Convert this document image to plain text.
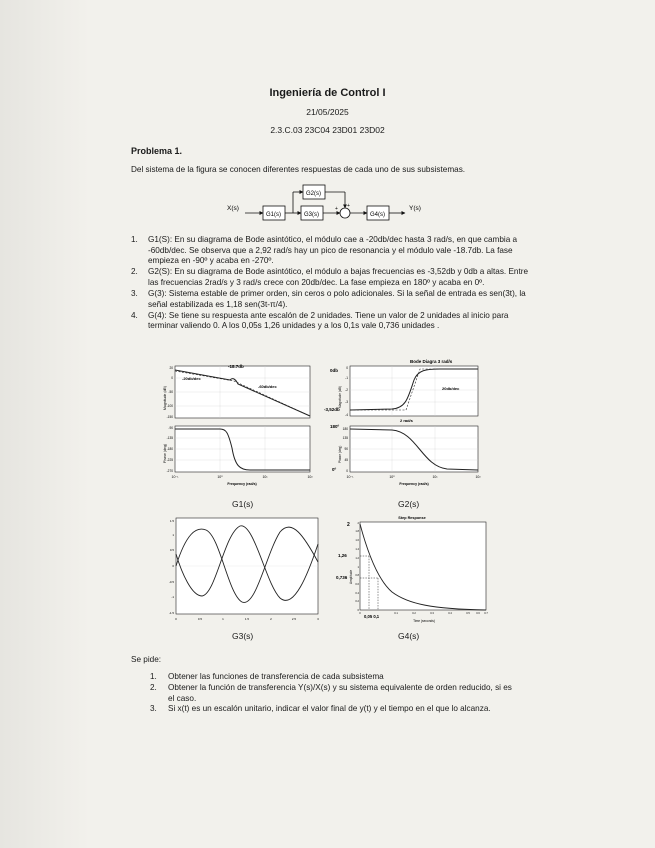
Ingeniería de Control I
21/05/2025
2.3.C.03 23C04 23D01 23D02
Problema 1.
Del sistema de la figura se conocen diferentes respuestas de cada uno de sus subsistemas.
X(s)	Y(s)
G1(s)	G3(s)
G2(s)
G4(s)
+
+
1. G1(S): En su diagrama de Bode asintótico, el módulo cae a -20db/dec hasta 3 rad/s, en que cambia a -60db/dec. Se observa que a 2,92 rad/s hay un pico de resonancia y el módulo vale -18.7db. La fase empieza en -90º y acaba en -270º.
2. G2(S): En su diagrama de Bode asintótico, el módulo a bajas frecuencias es -3,52db y 0db a altas. Entre las frecuencias 2rad/s y 3 rad/s crece con 20db/dec. La fase empieza en 180º y acaba en 0º.
3. G(3): Sistema estable de primer orden, sin ceros o polo adicionales. Si la señal de entrada es sen(3t), la señal estabilizada es 1,18 sen(3t-π/4).
4. G(4): Se tiene su respuesta ante escalón de 2 unidades. Tiene un valor de 2 unidades al inicio para terminar valiendo 0. A los 0,05s 1,26 unidades y a los 0,1s vale 0,736 unidades .
-18.7db
-20db/dec
-60db/dec
Magnitude (dB)
Phase (deg)
20
0
-50
-100
-150
-90
-135
-180
-225
-270
10⁻¹	10⁰	10¹	10²
Frequency (rad/s)
G1(s)
Bode Diagra 3 rad/s
0db
-3,52db
2 rad/s
20db/dec
180º
0º
Magnitude (dB)
Phase (deg)
0
-1
-2
-3
-4
180
135
90
45
0
10⁻¹	10⁰	10¹	10²
Frequency (rad/s)
G2(s)
1.5
1
0.5
0
-0.5
-1
-1.5
0	0.5	1	1.5	2	2.5	3
G3(s)
Step Response
2
1,26
0,736
0,05 0,1
Amplitude
2
1.8
1.6
1.4
1.2
1
0.8
0.6
0.4
0.2
0
0	0.1	0.2	0.3	0.4	0.5 0.6 0.7
Time (seconds)
G4(s)
Se pide:
1. Obtener las funciones de transferencia de cada subsistema
2. Obtener la función de transferencia Y(s)/X(s) y su sistema equivalente de orden reducido, si es el caso.
3. Si x(t) es un escalón unitario, indicar el valor final de y(t) y el tiempo en el que lo alcanza.
